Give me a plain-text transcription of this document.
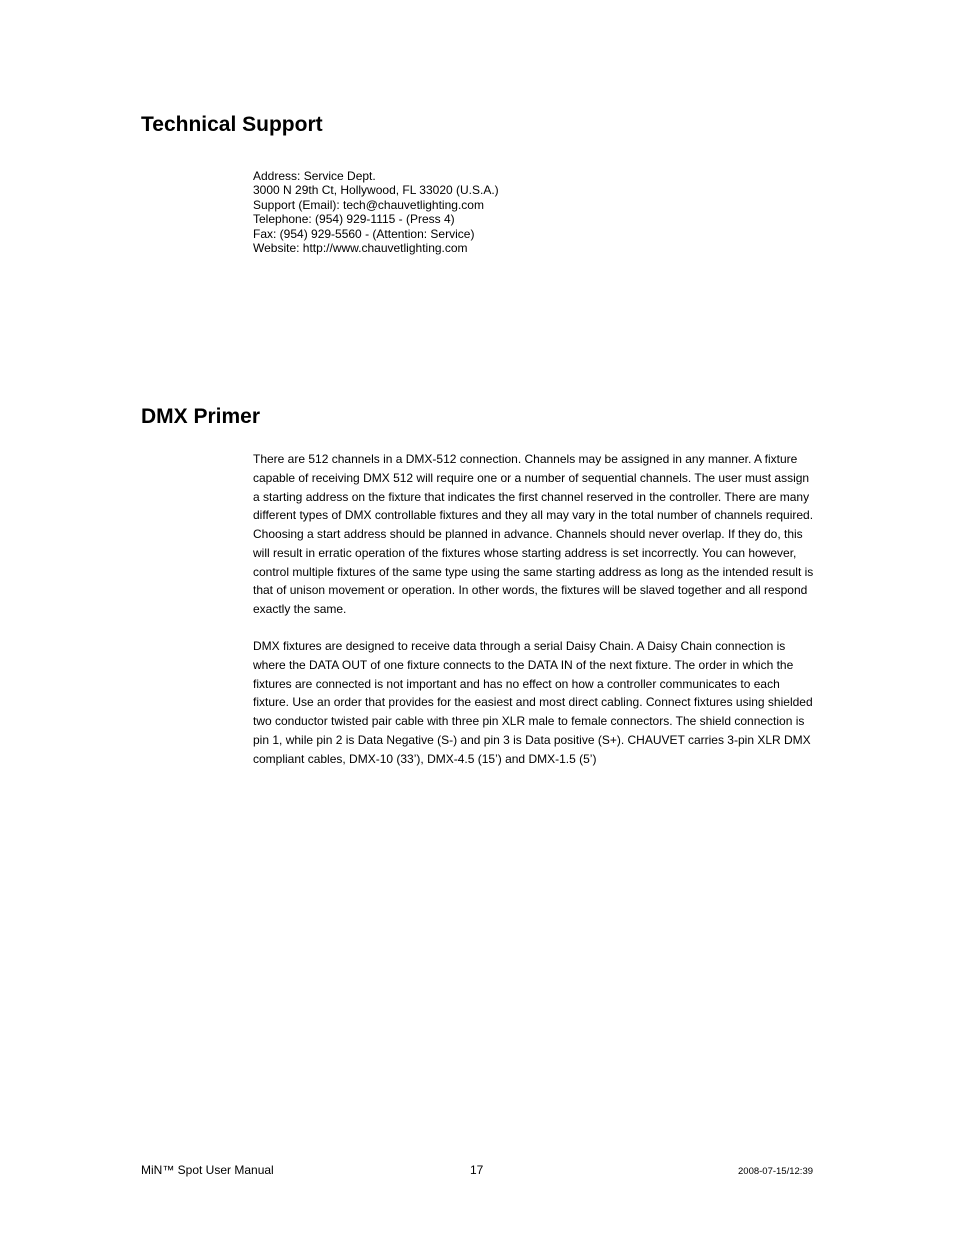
Technical Support
Address: Service Dept.
3000 N 29th Ct, Hollywood, FL 33020 (U.S.A.)
Support (Email): tech@chauvetlighting.com
Telephone: (954) 929-1115 - (Press 4)
Fax: (954) 929-5560 - (Attention: Service)
Website: http://www.chauvetlighting.com
DMX Primer

There are 512 channels in a DMX-512 connection. Channels may be assigned in any manner. A fixture capable of receiving DMX 512 will require one or a number of sequential channels. The user must assign a starting address on the fixture that indicates the first channel reserved in the controller. There are many different types of DMX controllable fixtures and they all may vary in the total number of channels required. Choosing a start address should be planned in advance. Channels should never overlap. If they do, this will result in erratic operation of the fixtures whose starting address is set incorrectly. You can however, control multiple fixtures of the same type using the same starting address as long as the intended result is that of unison movement or operation. In other words, the fixtures will be slaved together and all respond exactly the same.

DMX fixtures are designed to receive data through a serial Daisy Chain. A Daisy Chain connection is where the DATA OUT of one fixture connects to the DATA IN of the next fixture. The order in which the fixtures are connected is not important and has no effect on how a controller communicates to each fixture. Use an order that provides for the easiest and most direct cabling. Connect fixtures using shielded two conductor twisted pair cable with three pin XLR male to female connectors. The shield connection is pin 1, while pin 2 is Data Negative (S-) and pin 3 is Data positive (S+). CHAUVET carries 3-pin XLR DMX compliant cables, DMX-10 (33’), DMX-4.5 (15’) and DMX-1.5 (5’)

MiN™ Spot User Manual	17	2008-07-15/12:39
